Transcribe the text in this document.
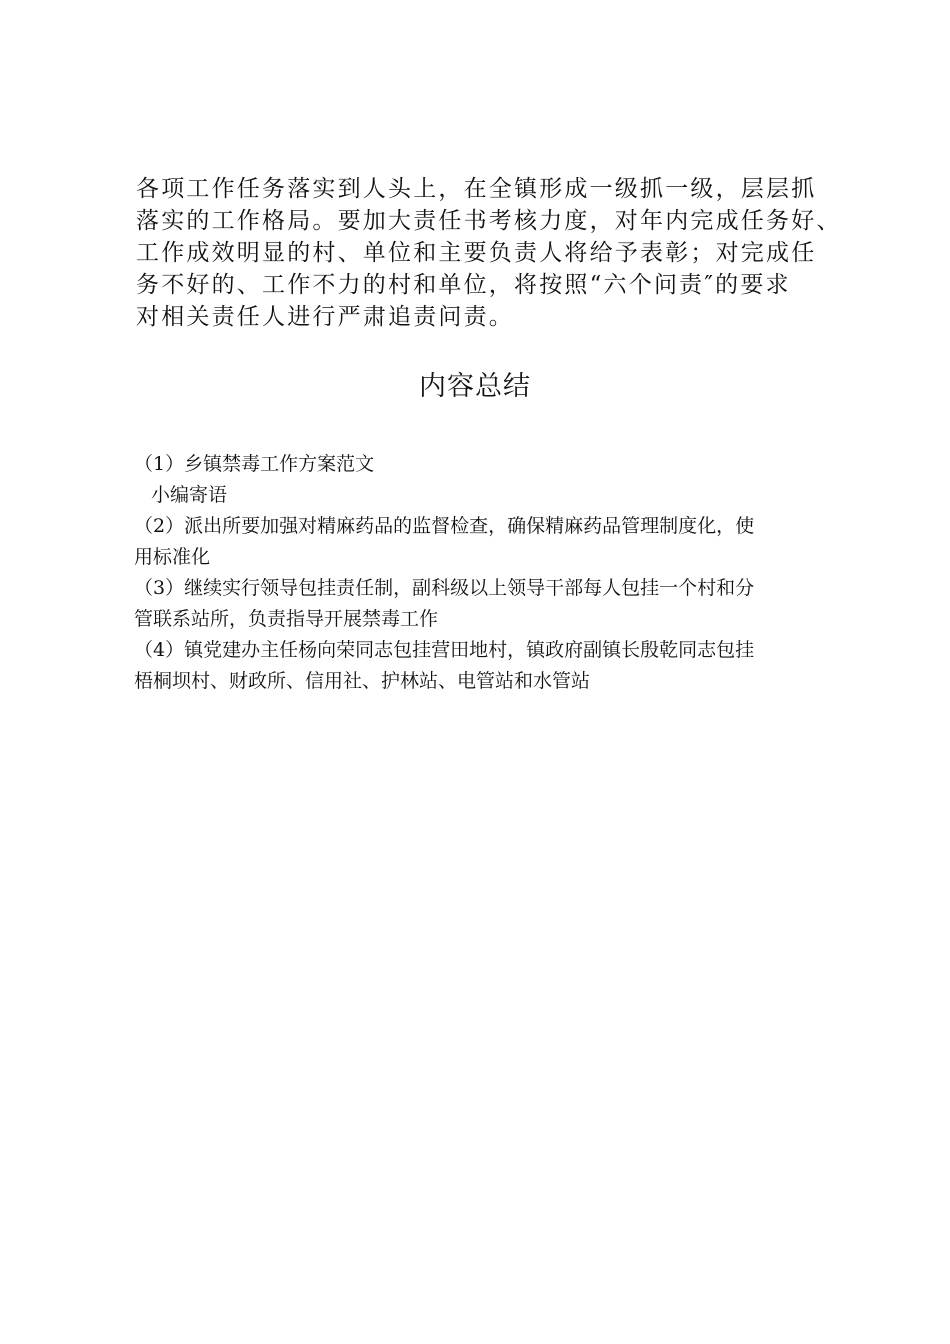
各项工作任务落实到人头上，在全镇形成一级抓一级，层层抓
落实的工作格局。要加大责任书考核力度，对年内完成任务好、
工作成效明显的村、单位和主要负责人将给予表彰；对完成任
务不好的、工作不力的村和单位，将按照“六个问责″的要求
对相关责任人进行严肃追责问责。
内容总结
（1）乡镇禁毒工作方案范文
小编寄语
（2）派出所要加强对精麻药品的监督检查，确保精麻药品管理制度化，使
用标准化
（3）继续实行领导包挂责任制，副科级以上领导干部每人包挂一个村和分
管联系站所，负责指导开展禁毒工作
（4）镇党建办主任杨向荣同志包挂营田地村，镇政府副镇长殷乾同志包挂
梧桐坝村、财政所、信用社、护林站、电管站和水管站
